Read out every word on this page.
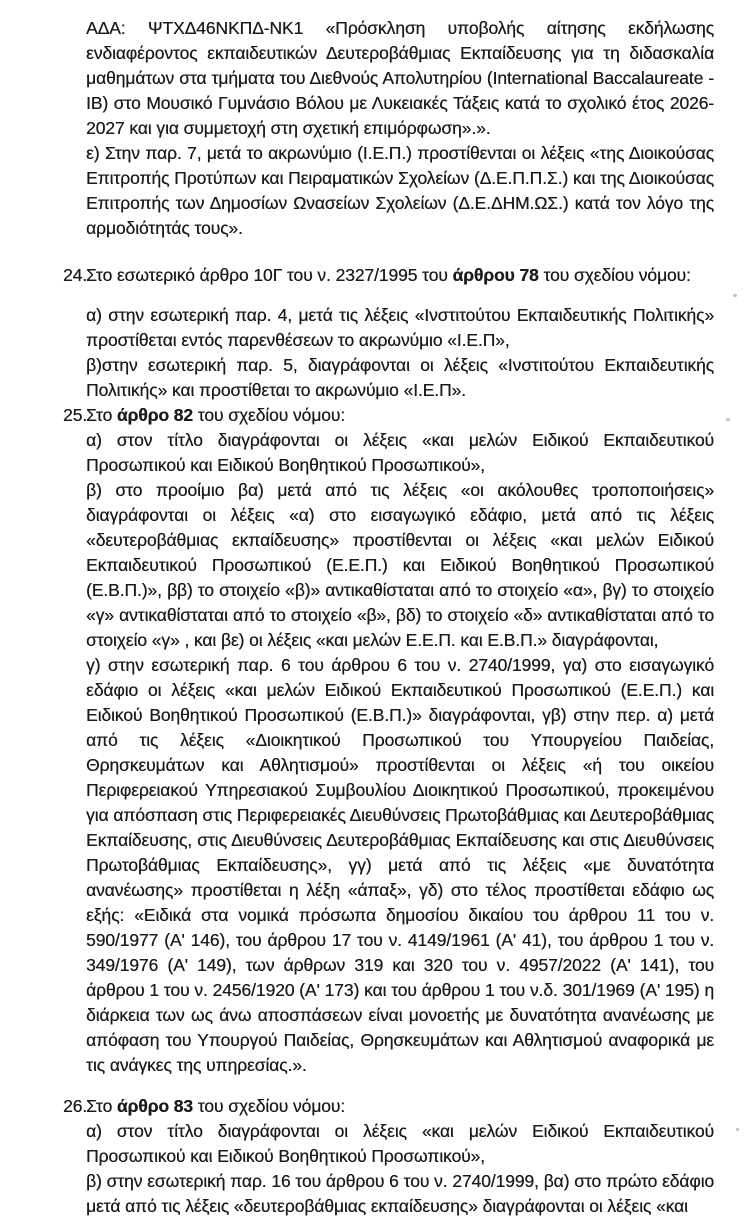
ΑΔΑ: ΨΤΧΔ46ΝΚΠΔ-ΝΚ1 «Πρόσκληση υποβολής αίτησης εκδήλωσης ενδιαφέροντος εκπαιδευτικών Δευτεροβάθμιας Εκπαίδευσης για τη διδασκαλία μαθημάτων στα τμήματα του Διεθνούς Απολυτηρίου (International Baccalaureate - IB) στο Μουσικό Γυμνάσιο Βόλου με Λυκειακές Τάξεις κατά το σχολικό έτος 2026-2027 και για συμμετοχή στη σχετική επιμόρφωση».».

ε) Στην παρ. 7, μετά το ακρωνύμιο (Ι.Ε.Π.) προστίθενται οι λέξεις «της Διοικούσας Επιτροπής Προτύπων και Πειραματικών Σχολείων (Δ.Ε.Π.Π.Σ.) και της Διοικούσας Επιτροπής των Δημοσίων Ωνασείων Σχολείων (Δ.Ε.ΔΗΜ.ΩΣ.) κατά τον λόγο της αρμοδιότητάς τους».

24.Στο εσωτερικό άρθρο 10Γ του ν. 2327/1995 του άρθρου 78 του σχεδίου νόμου:

α) στην εσωτερική παρ. 4, μετά τις λέξεις «Ινστιτούτου Εκπαιδευτικής Πολιτικής» προστίθεται εντός παρενθέσεων το ακρωνύμιο «Ι.Ε.Π»,

β)στην εσωτερική παρ. 5, διαγράφονται οι λέξεις «Ινστιτούτου Εκπαιδευτικής Πολιτικής» και προστίθεται το ακρωνύμιο «Ι.Ε.Π».

25.Στο άρθρο 82 του σχεδίου νόμου:

α) στον τίτλο διαγράφονται οι λέξεις «και μελών Ειδικού Εκπαιδευτικού Προσωπικού και Ειδικού Βοηθητικού Προσωπικού»,

β) στο προοίμιο βα) μετά από τις λέξεις «οι ακόλουθες τροποποιήσεις» διαγράφονται οι λέξεις «α) στο εισαγωγικό εδάφιο, μετά από τις λέξεις «δευτεροβάθμιας εκπαίδευσης» προστίθενται οι λέξεις «και μελών Ειδικού Εκπαιδευτικού Προσωπικού (Ε.Ε.Π.) και Ειδικού Βοηθητικού Προσωπικού (Ε.Β.Π.)», ββ) το στοιχείο «β)» αντικαθίσταται από το στοιχείο «α», βγ) το στοιχείο «γ» αντικαθίσταται από το στοιχείο «β», βδ) το στοιχείο «δ» αντικαθίσταται από το στοιχείο «γ» , και βε) οι λέξεις «και μελών Ε.Ε.Π. και Ε.Β.Π.» διαγράφονται,

γ) στην εσωτερική παρ. 6 του άρθρου 6 του ν. 2740/1999, γα) στο εισαγωγικό εδάφιο οι λέξεις «και μελών Ειδικού Εκπαιδευτικού Προσωπικού (Ε.Ε.Π.) και Ειδικού Βοηθητικού Προσωπικού (Ε.Β.Π.)» διαγράφονται, γβ) στην περ. α) μετά από τις λέξεις «Διοικητικού Προσωπικού του Υπουργείου Παιδείας, Θρησκευμάτων και Αθλητισμού» προστίθενται οι λέξεις «ή του οικείου Περιφερειακού Υπηρεσιακού Συμβουλίου Διοικητικού Προσωπικού, προκειμένου για απόσπαση στις Περιφερειακές Διευθύνσεις Πρωτοβάθμιας και Δευτεροβάθμιας Εκπαίδευσης, στις Διευθύνσεις Δευτεροβάθμιας Εκπαίδευσης και στις Διευθύνσεις Πρωτοβάθμιας Εκπαίδευσης», γγ) μετά από τις λέξεις «με δυνατότητα ανανέωσης» προστίθεται η λέξη «άπαξ», γδ) στο τέλος προστίθεται εδάφιο ως εξής: «Ειδικά στα νομικά πρόσωπα δημοσίου δικαίου του άρθρου 11 του ν. 590/1977 (Α' 146), του άρθρου 17 του ν. 4149/1961 (Α' 41), του άρθρου 1 του ν. 349/1976 (Α' 149), των άρθρων 319 και 320 του ν. 4957/2022 (Α' 141), του άρθρου 1 του ν. 2456/1920 (Α' 173) και του άρθρου 1 του ν.δ. 301/1969 (Α' 195) η διάρκεια των ως άνω αποσπάσεων είναι μονοετής με δυνατότητα ανανέωσης με απόφαση του Υπουργού Παιδείας, Θρησκευμάτων και Αθλητισμού αναφορικά με τις ανάγκες της υπηρεσίας.».

26.Στο άρθρο 83 του σχεδίου νόμου:

α) στον τίτλο διαγράφονται οι λέξεις «και μελών Ειδικού Εκπαιδευτικού Προσωπικού και Ειδικού Βοηθητικού Προσωπικού»,

β) στην εσωτερική παρ. 16 του άρθρου 6 του ν. 2740/1999, βα) στο πρώτο εδάφιο μετά από τις λέξεις «δευτεροβάθμιας εκπαίδευσης» διαγράφονται οι λέξεις «και
